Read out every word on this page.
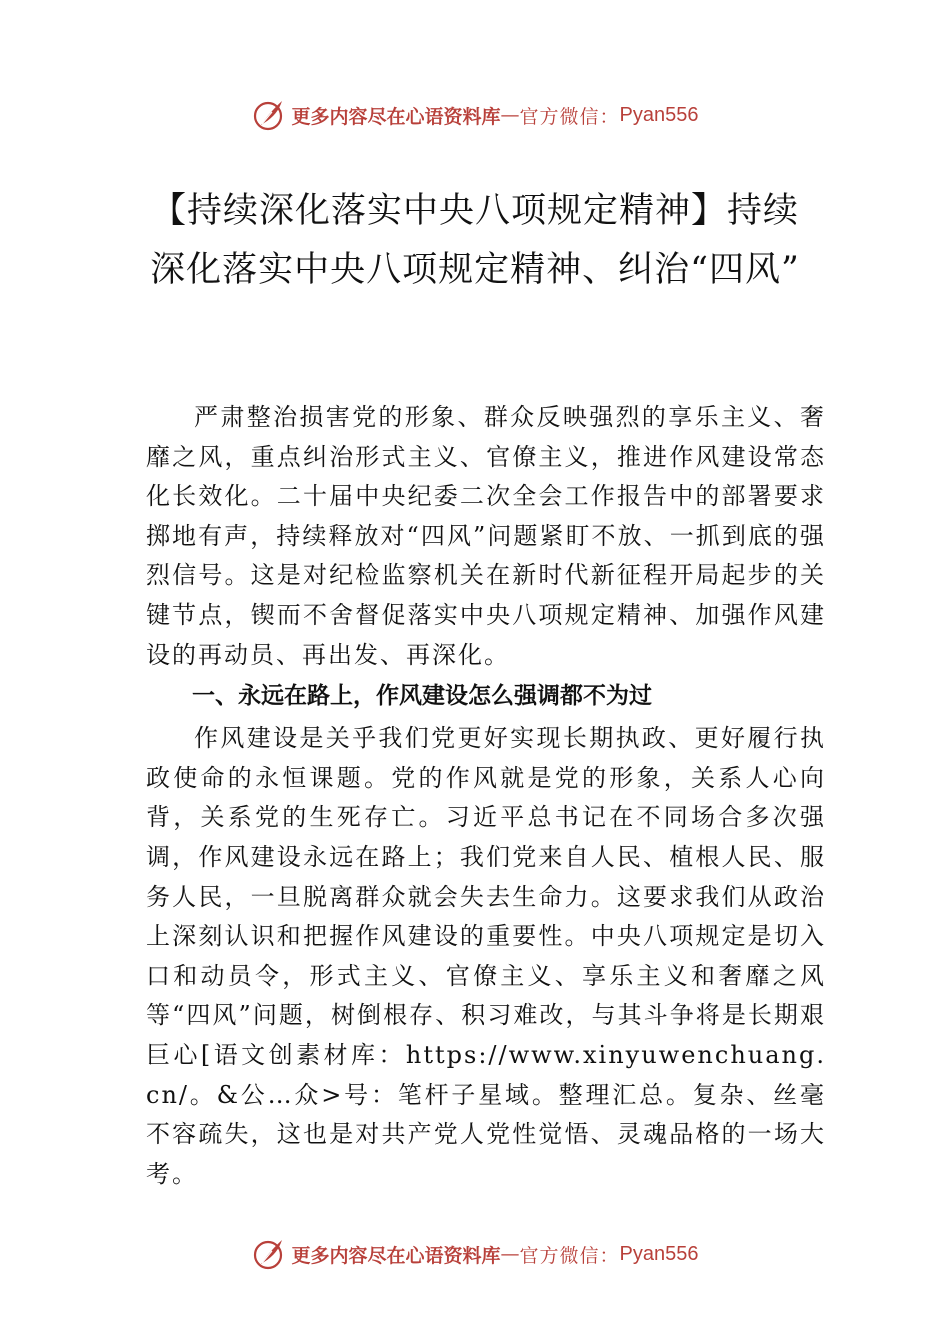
更多内容尽在心语资料库 — 官方微信： Pyan556
【持续深化落实中央八项规定精神】持续深化落实中央八项规定精神、纠治“四风”

严肃整治损害党的形象、群众反映强烈的享乐主义、奢靡之风，重点纠治形式主义、官僚主义，推进作风建设常态化长效化。二十届中央纪委二次全会工作报告中的部署要求掷地有声，持续释放对“四风”问题紧盯不放、一抓到底的强烈信号。这是对纪检监察机关在新时代新征程开局起步的关键节点，锲而不舍督促落实中央八项规定精神、加强作风建设的再动员、再出发、再深化。

一、永远在路上，作风建设怎么强调都不为过

作风建设是关乎我们党更好实现长期执政、更好履行执政使命的永恒课题。党的作风就是党的形象，关系人心向背，关系党的生死存亡。习近平总书记在不同场合多次强调，作风建设永远在路上；我们党来自人民、植根人民、服务人民，一旦脱离群众就会失去生命力。这要求我们从政治上深刻认识和把握作风建设的重要性。中央八项规定是切入口和动员令，形式主义、官僚主义、享乐主义和奢靡之风等“四风”问题，树倒根存、积习难改，与其斗争将是长期艰巨心[语文创素材库：https://www.xinyuwenchuang.cn/。&公…众>号：笔杆子星域。整理汇总。复杂、丝毫不容疏失，这也是对共产党人党性觉悟、灵魂品格的一场大考。

更多内容尽在心语资料库 — 官方微信： Pyan556
